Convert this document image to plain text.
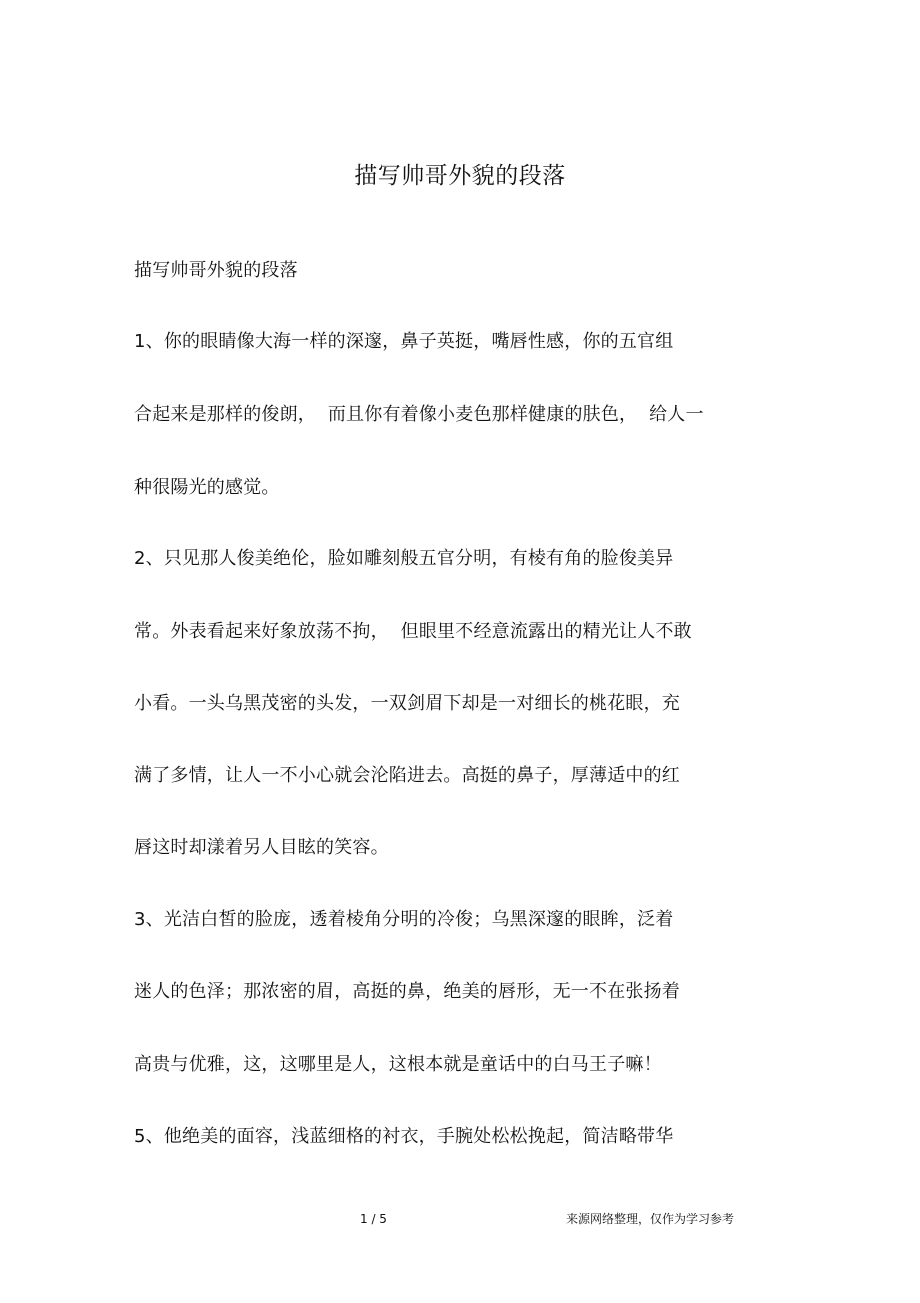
描写帅哥外貌的段落
描写帅哥外貌的段落
1、你的眼睛像大海一样的深邃，鼻子英挺，嘴唇性感，你的五官组
合起来是那样的俊朗，  而且你有着像小麦色那样健康的肤色，  给人一
种很陽光的感觉。
2、只见那人俊美绝伦，脸如雕刻般五官分明，有棱有角的脸俊美异
常。外表看起来好象放荡不拘，  但眼里不经意流露出的精光让人不敢
小看。一头乌黑茂密的头发，一双剑眉下却是一对细长的桃花眼，充
满了多情，让人一不小心就会沦陷进去。高挺的鼻子，厚薄适中的红
唇这时却漾着另人目眩的笑容。
3、光洁白皙的脸庞，透着棱角分明的冷俊；乌黑深邃的眼眸，泛着
迷人的色泽；那浓密的眉，高挺的鼻，绝美的唇形，无一不在张扬着
高贵与优雅，这，这哪里是人，这根本就是童话中的白马王子嘛！
5、他绝美的面容，浅蓝细格的衬衣，手腕处松松挽起，简洁略带华
1 / 5	来源网络整理，仅作为学习参考
